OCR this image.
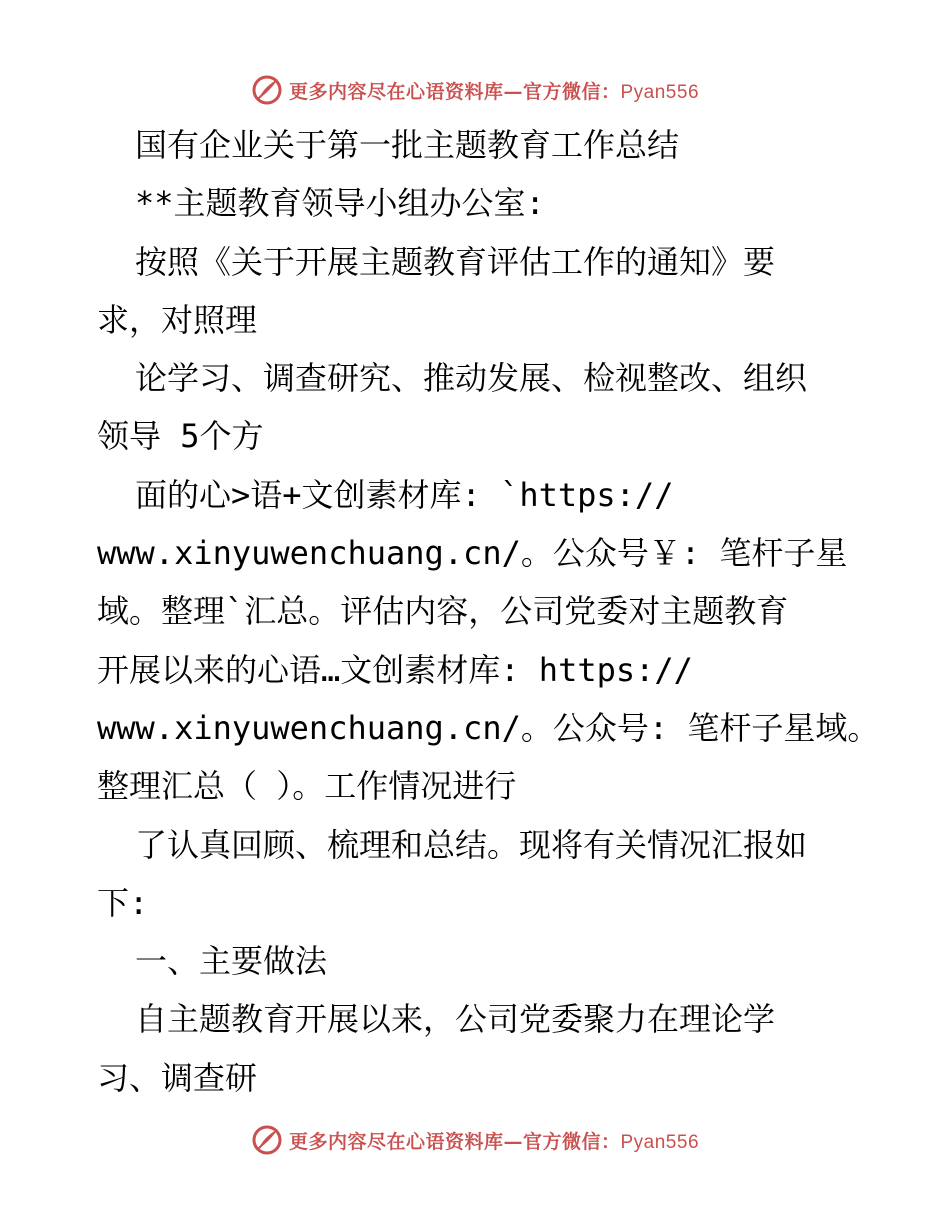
更多内容尽在心语资料库—官方微信：Pyan556
国有企业关于第一批主题教育工作总结
**主题教育领导小组办公室:
按照《关于开展主题教育评估工作的通知》要
求，对照理
论学习、调查研究、推动发展、检视整改、组织
领导 5个方
面的心>语+文创素材库: `https://
www.xinyuwenchuang.cn/。公众号￥: 笔杆子星
域。整理`汇总。评估内容，公司党委对主题教育
开展以来的心语…文创素材库: https://
www.xinyuwenchuang.cn/。公众号: 笔杆子星域。
整理汇总（ ）。工作情况进行
了认真回顾、梳理和总结。现将有关情况汇报如
下:
一、主要做法
自主题教育开展以来，公司党委聚力在理论学
习、调查研
更多内容尽在心语资料库—官方微信：Pyan556
